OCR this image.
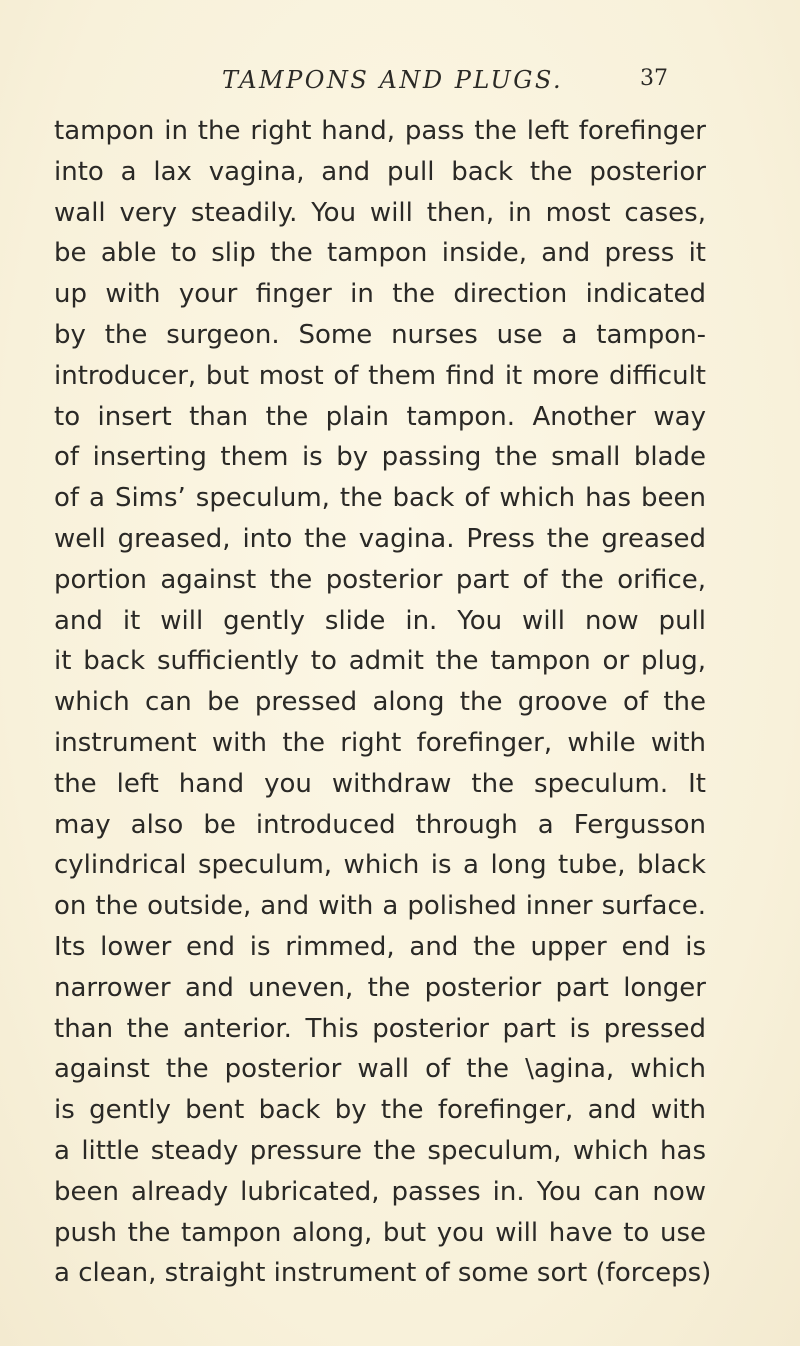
TAMPONS AND PLUGS.	37
tampon in the right hand, pass the left forefinger
into a lax vagina, and pull back the posterior
wall very steadily. You will then, in most cases,
be able to slip the tampon inside, and press it
up with your finger in the direction indicated
by the surgeon. Some nurses use a tampon-
introducer, but most of them find it more difficult
to insert than the plain tampon. Another way
of inserting them is by passing the small blade
of a Sims’ speculum, the back of which has been
well greased, into the vagina. Press the greased
portion against the posterior part of the orifice,
and it will gently slide in. You will now pull
it back sufficiently to admit the tampon or plug,
which can be pressed along the groove of the
instrument with the right forefinger, while with
the left hand you withdraw the speculum. It
may also be introduced through a Fergusson
cylindrical speculum, which is a long tube, black
on the outside, and with a polished inner surface.
Its lower end is rimmed, and the upper end is
narrower and uneven, the posterior part longer
than the anterior. This posterior part is pressed
against the posterior wall of the \agina, which
is gently bent back by the forefinger, and with
a little steady pressure the speculum, which has
been already lubricated, passes in. You can now
push the tampon along, but you will have to use
a clean, straight instrument of some sort (forceps)
